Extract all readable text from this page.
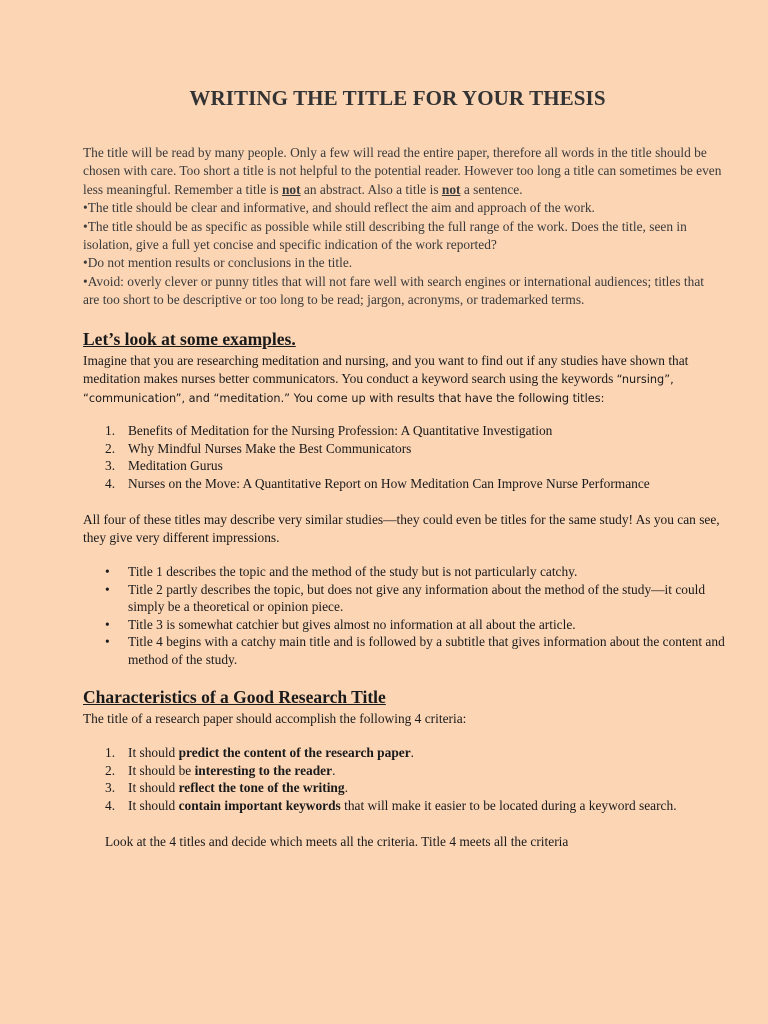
WRITING THE TITLE FOR YOUR THESIS

The title will be read by many people. Only a few will read the entire paper, therefore all words in the title should be chosen with care. Too short a title is not helpful to the potential reader. However too long a title can sometimes be even less meaningful. Remember a title is not an abstract. Also a title is not a sentence.

• The title should be clear and informative, and should reflect the aim and approach of the work.

• The title should be as specific as possible while still describing the full range of the work. Does the title, seen in isolation, give a full yet concise and specific indication of the work reported?

• Do not mention results or conclusions in the title.

• Avoid: overly clever or punny titles that will not fare well with search engines or international audiences; titles that are too short to be descriptive or too long to be read; jargon, acronyms, or trademarked terms.

Let’s look at some examples.

Imagine that you are researching meditation and nursing, and you want to find out if any studies have shown that meditation makes nurses better communicators. You conduct a keyword search using the keywords “nursing”, “communication”, and “meditation.” You come up with results that have the following titles:

1. Benefits of Meditation for the Nursing Profession: A Quantitative Investigation
2. Why Mindful Nurses Make the Best Communicators
3. Meditation Gurus
4. Nurses on the Move: A Quantitative Report on How Meditation Can Improve Nurse Performance

All four of these titles may describe very similar studies—they could even be titles for the same study! As you can see, they give very different impressions.

• Title 1 describes the topic and the method of the study but is not particularly catchy.
• Title 2 partly describes the topic, but does not give any information about the method of the study—it could simply be a theoretical or opinion piece.
• Title 3 is somewhat catchier but gives almost no information at all about the article.
• Title 4 begins with a catchy main title and is followed by a subtitle that gives information about the content and method of the study.
Characteristics of a Good Research Title

The title of a research paper should accomplish the following 4 criteria:

1. It should predict the content of the research paper.
2. It should be interesting to the reader.
3. It should reflect the tone of the writing.
4. It should contain important keywords that will make it easier to be located during a keyword search.

Look at the 4 titles and decide which meets all the criteria. Title 4 meets all the criteria
